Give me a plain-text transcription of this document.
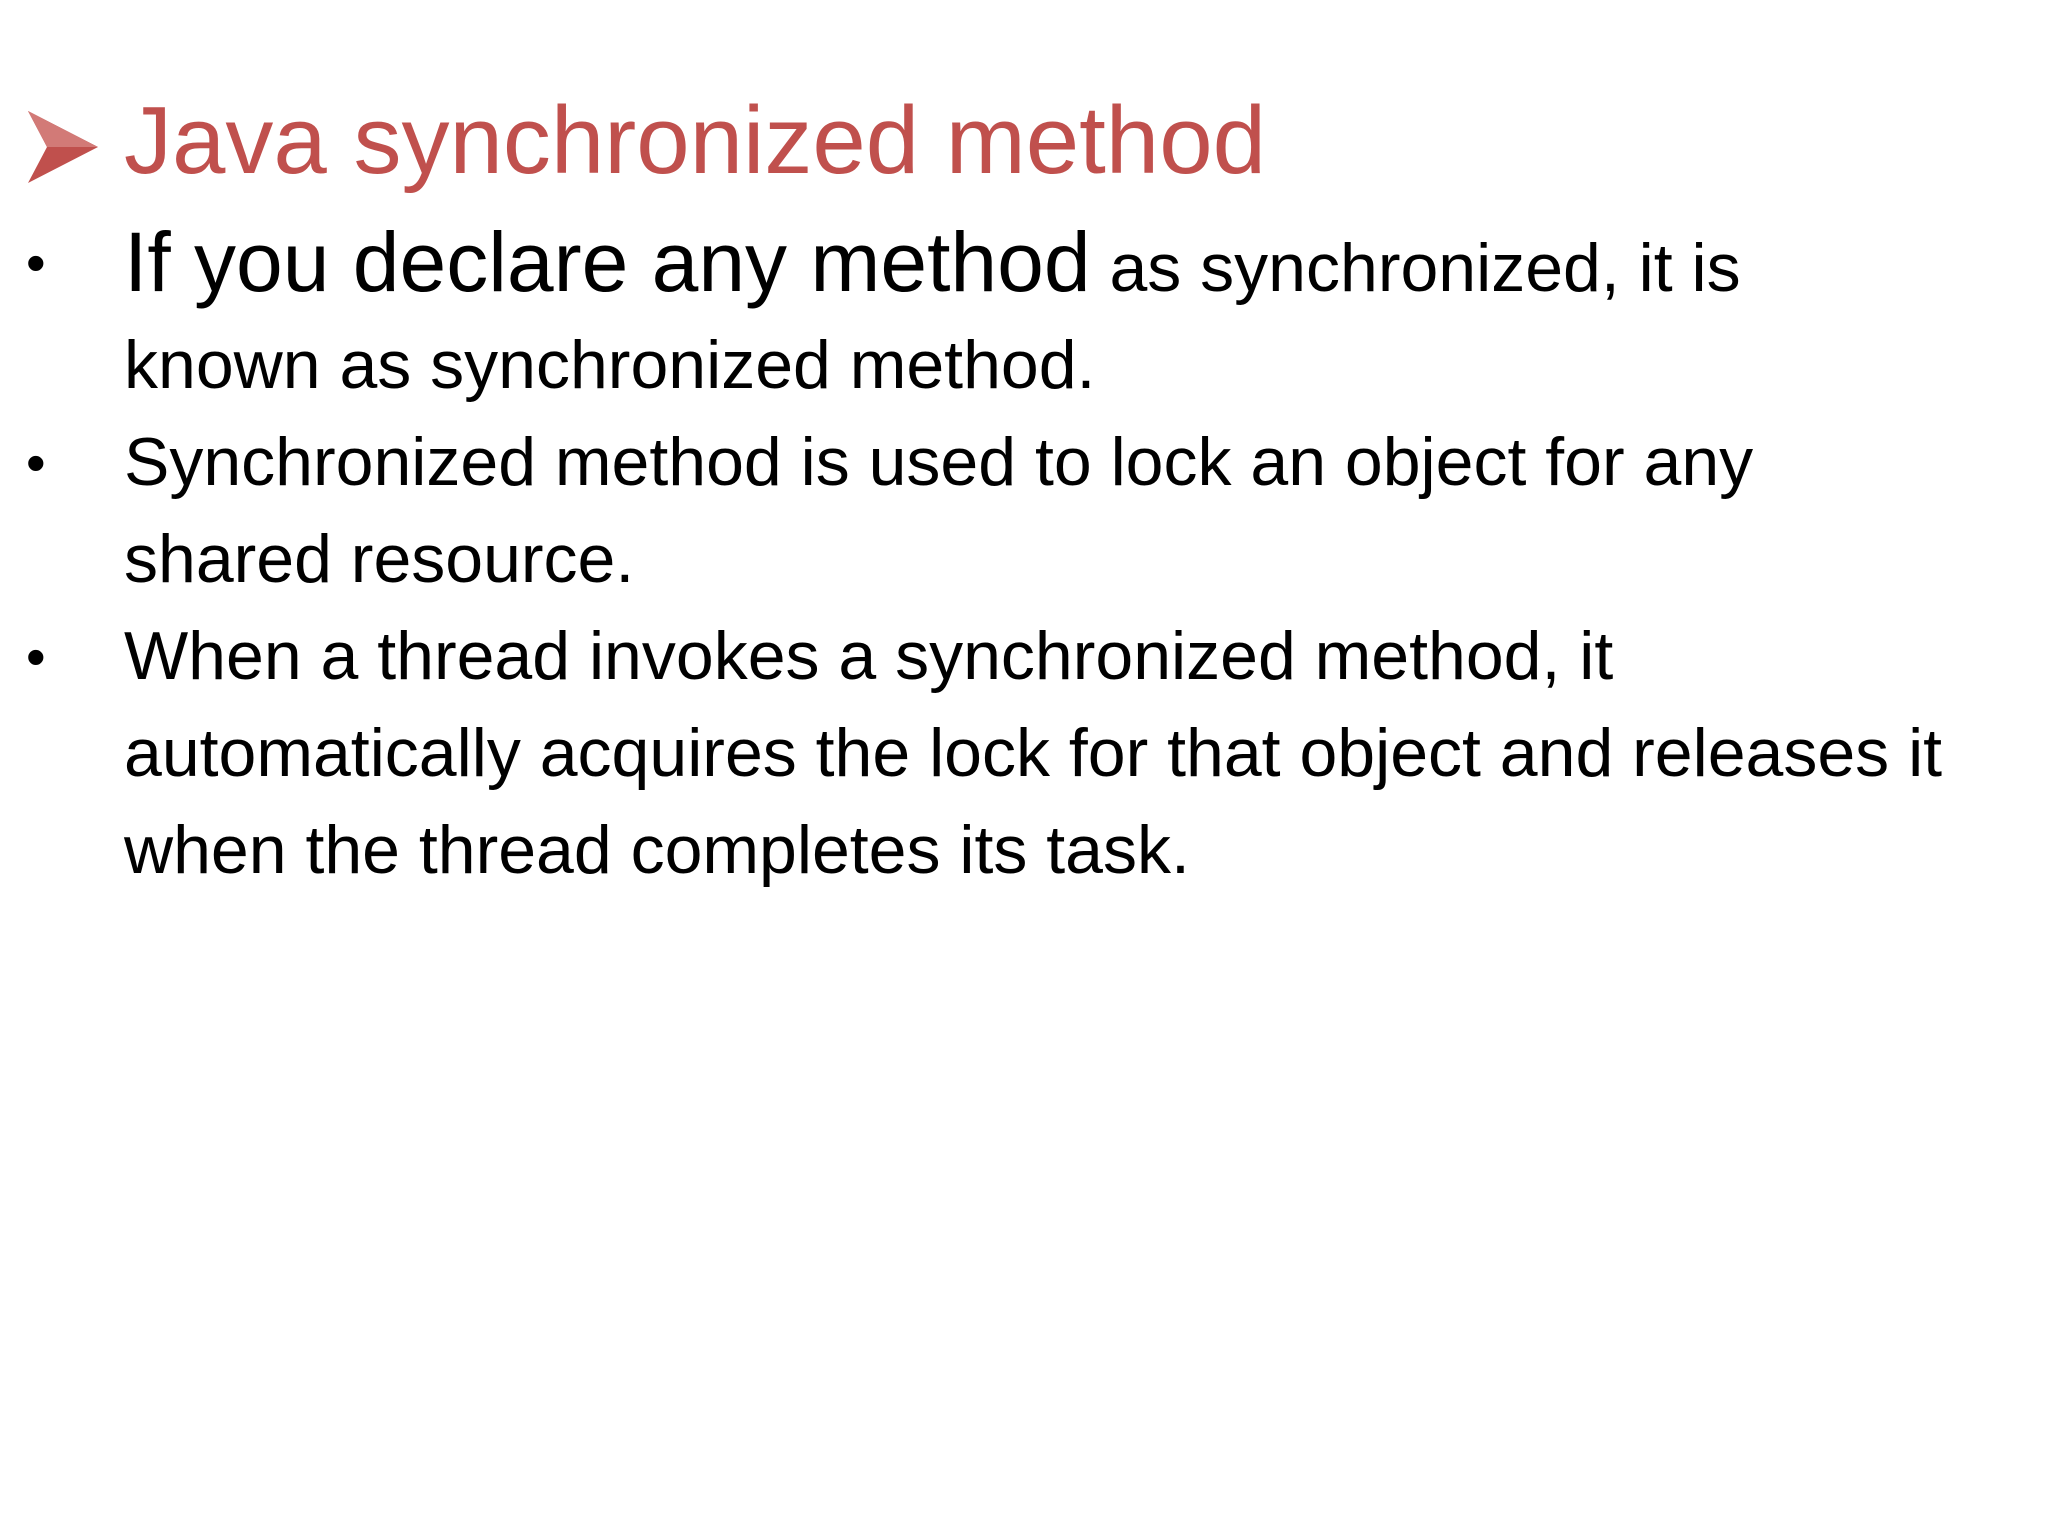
Java synchronized method
• If you declare any method as synchronized, it is known as synchronized method.
• Synchronized method is used to lock an object for any shared resource.
• When a thread invokes a synchronized method, it automatically acquires the lock for that object and releases it when the thread completes its task.
